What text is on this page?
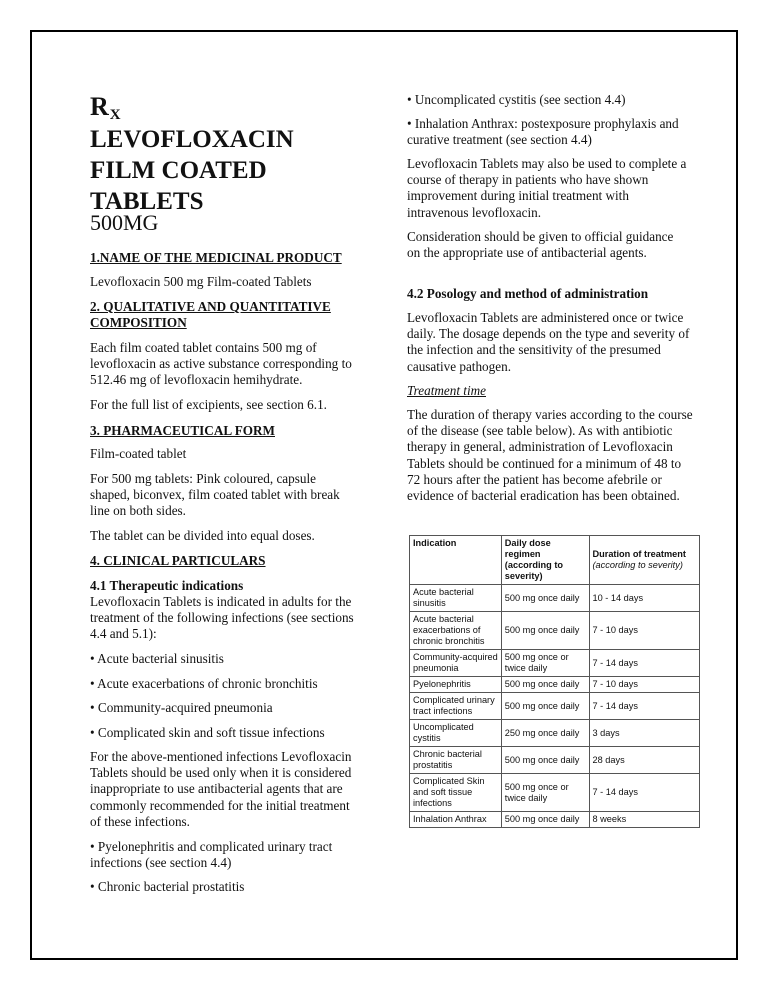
$R_X$
LEVOFLOXACIN
FILM COATED
TABLETS
500MG
1.NAME OF THE MEDICINAL PRODUCT
Levofloxacin 500 mg Film-coated Tablets
2. QUALITATIVE AND QUANTITATIVE
COMPOSITION
Each film coated tablet contains 500 mg of levofloxacin as active substance corresponding to 512.46 mg of levofloxacin hemihydrate.
For the full list of excipients, see section 6.1.
3. PHARMACEUTICAL FORM
Film-coated tablet
For 500 mg tablets: Pink coloured, capsule shaped, biconvex, film coated tablet with break line on both sides.
The tablet can be divided into equal doses.
4. CLINICAL PARTICULARS
4.1 Therapeutic indications
Levofloxacin Tablets is indicated in adults for the treatment of the following infections (see sections 4.4 and 5.1):
• Acute bacterial sinusitis
• Acute exacerbations of chronic bronchitis
• Community-acquired pneumonia
• Complicated skin and soft tissue infections
For the above-mentioned infections Levofloxacin Tablets should be used only when it is considered inappropriate to use antibacterial agents that are commonly recommended for the initial treatment of these infections.
• Pyelonephritis and complicated urinary tract infections (see section 4.4)
• Chronic bacterial prostatitis
• Uncomplicated cystitis (see section 4.4)
• Inhalation Anthrax: postexposure prophylaxis and curative treatment (see section 4.4)
Levofloxacin Tablets may also be used to complete a course of therapy in patients who have shown improvement during initial treatment with intravenous levofloxacin.
Consideration should be given to official guidance on the appropriate use of antibacterial agents.
4.2 Posology and method of administration
Levofloxacin Tablets are administered once or twice daily. The dosage depends on the type and severity of the infection and the sensitivity of the presumed causative pathogen.
Treatment time
The duration of therapy varies according to the course of the disease (see table below). As with antibiotic therapy in general, administration of Levofloxacin Tablets should be continued for a minimum of 48 to 72 hours after the patient has become afebrile or evidence of bacterial eradication has been obtained.
Indication	Daily dose regimen (according to severity)	Duration of treatment (according to severity)
Acute bacterial sinusitis	500 mg once daily	10 - 14 days
Acute bacterial exacerbations of chronic bronchitis	500 mg once daily	7 - 10 days
Community-acquired pneumonia	500 mg once or twice daily	7 - 14 days
Pyelonephritis	500 mg once daily	7 - 10 days
Complicated urinary tract infections	500 mg once daily	7 - 14 days
Uncomplicated cystitis	250 mg once daily	3 days
Chronic bacterial prostatitis	500 mg once daily	28 days
Complicated Skin and soft tissue infections	500 mg once or twice daily	7 - 14 days
Inhalation Anthrax	500 mg once daily	8 weeks
